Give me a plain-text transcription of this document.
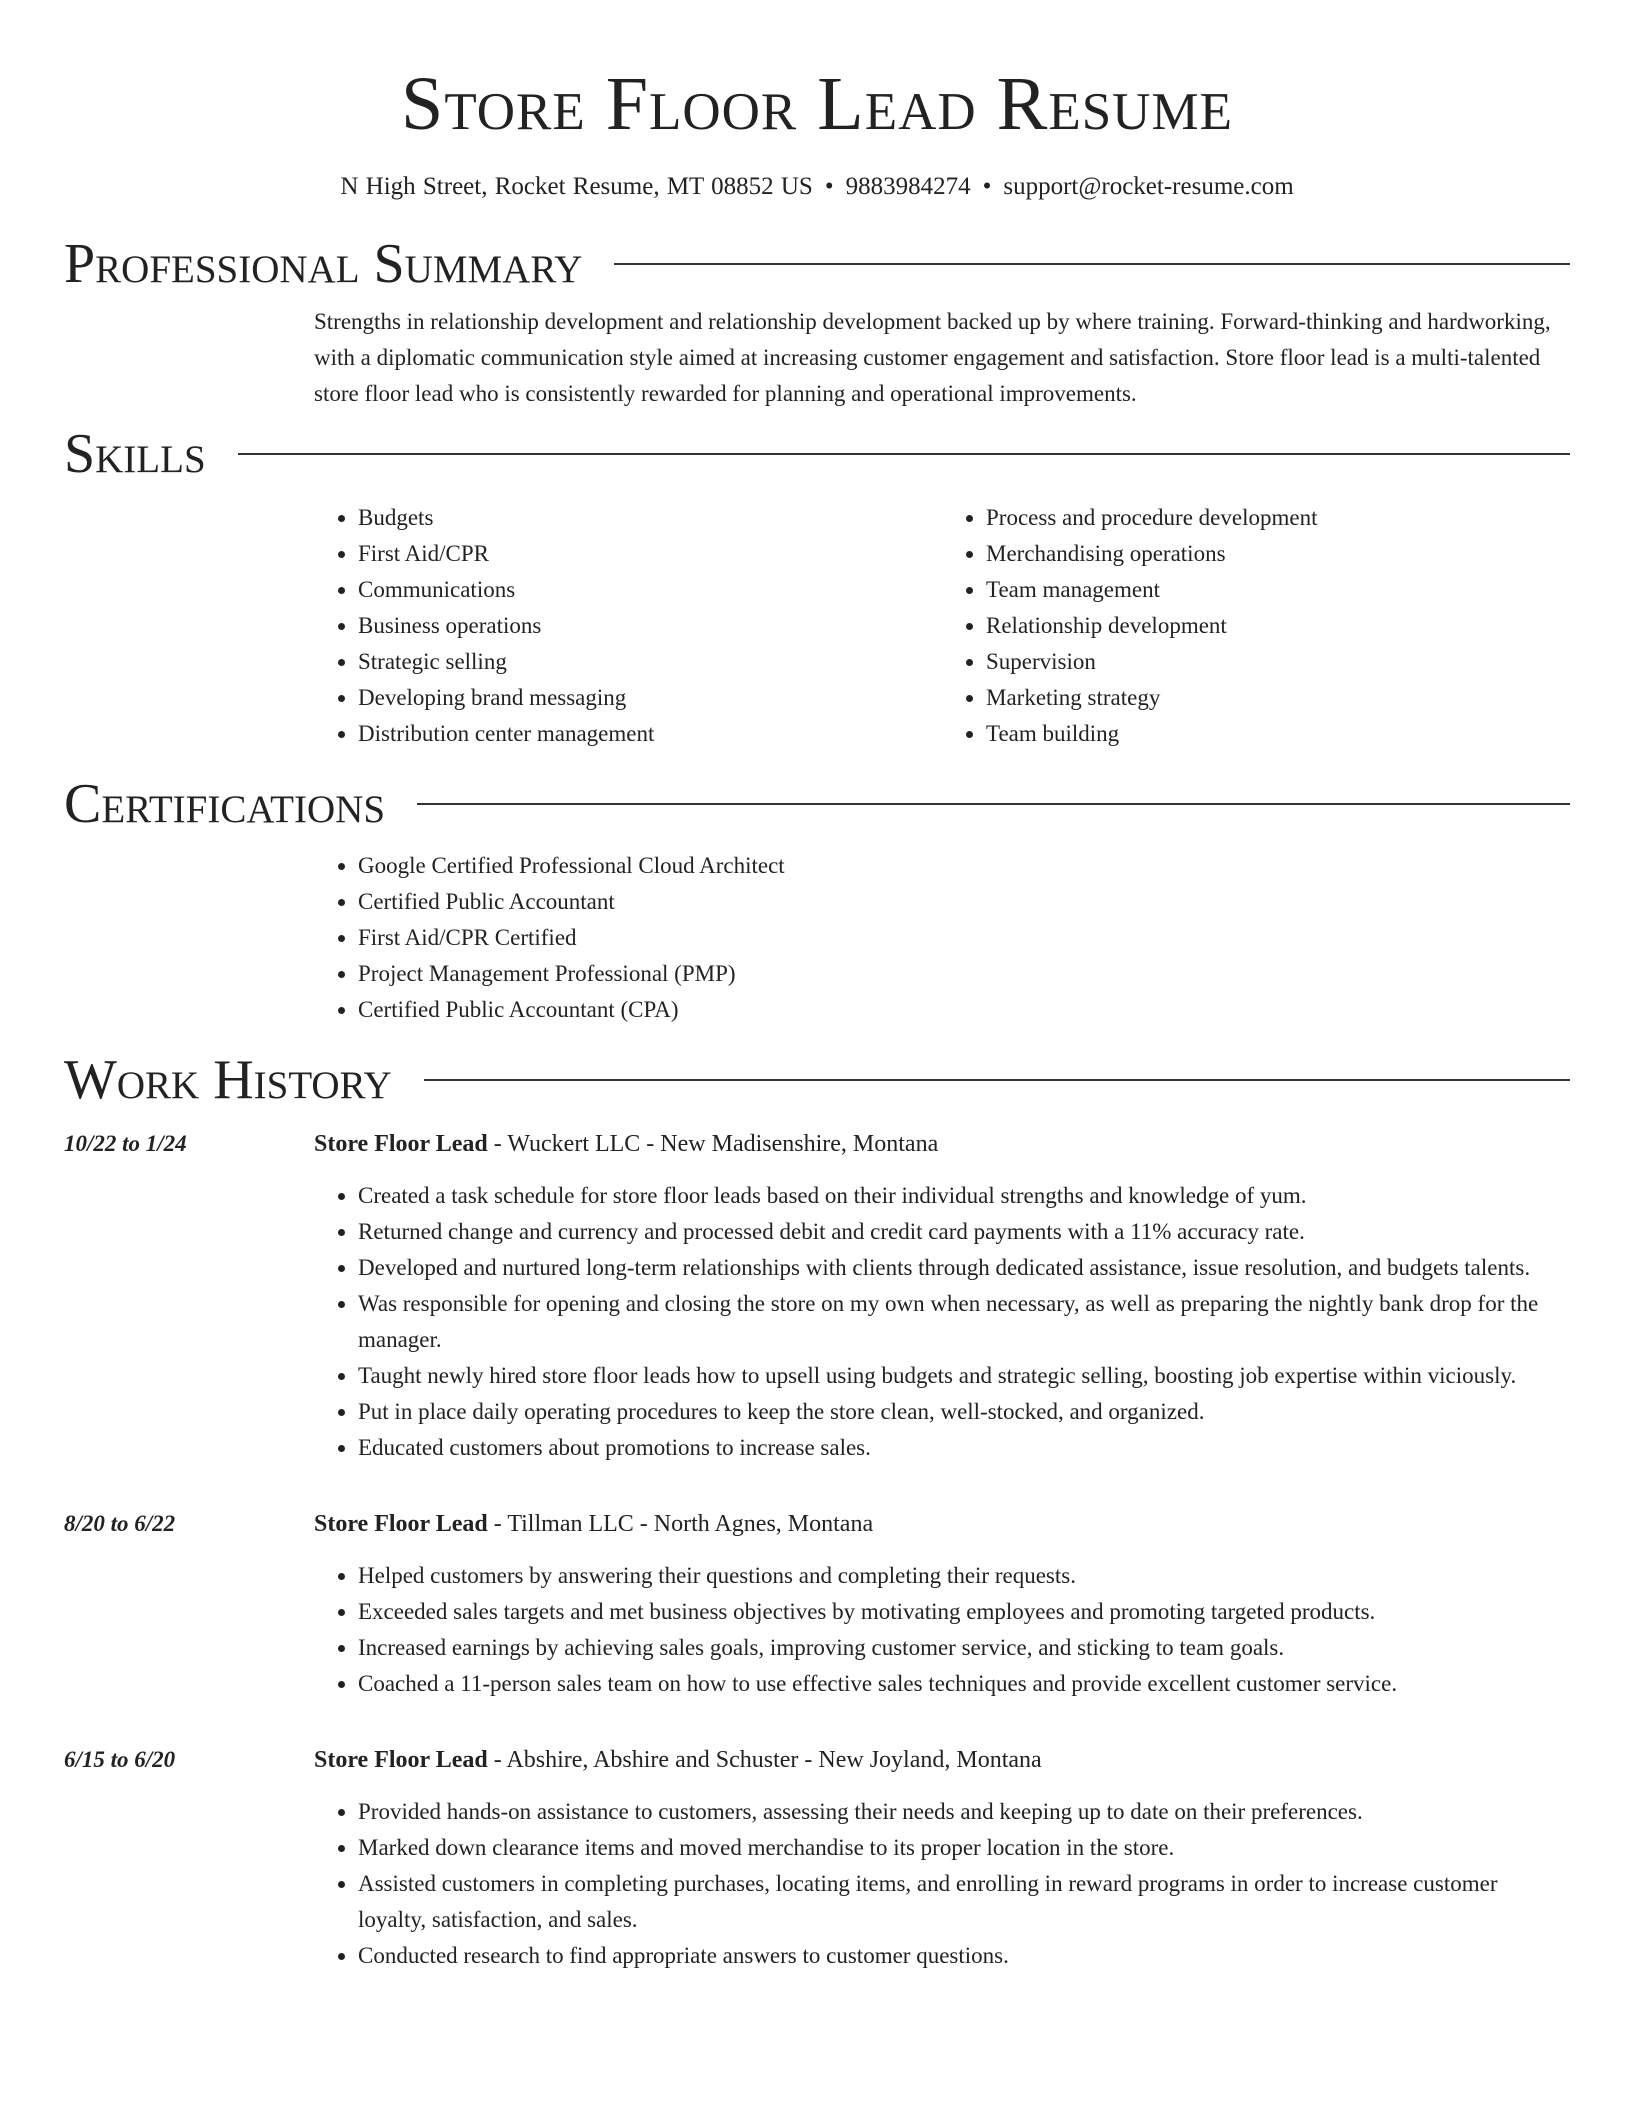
Store Floor Lead Resume
N High Street, Rocket Resume, MT 08852 US • 9883984274 • support@rocket-resume.com
Professional Summary
Strengths in relationship development and relationship development backed up by where training. Forward-thinking and hardworking, with a diplomatic communication style aimed at increasing customer engagement and satisfaction. Store floor lead is a multi-talented store floor lead who is consistently rewarded for planning and operational improvements.
Skills
• Budgets
• First Aid/CPR
• Communications
• Business operations
• Strategic selling
• Developing brand messaging
• Distribution center management
• Process and procedure development
• Merchandising operations
• Team management
• Relationship development
• Supervision
• Marketing strategy
• Team building
Certifications
• Google Certified Professional Cloud Architect
• Certified Public Accountant
• First Aid/CPR Certified
• Project Management Professional (PMP)
• Certified Public Accountant (CPA)
Work History
10/22 to 1/24	Store Floor Lead - Wuckert LLC - New Madisenshire, Montana
• Created a task schedule for store floor leads based on their individual strengths and knowledge of yum.
• Returned change and currency and processed debit and credit card payments with a 11% accuracy rate.
• Developed and nurtured long-term relationships with clients through dedicated assistance, issue resolution, and budgets talents.
• Was responsible for opening and closing the store on my own when necessary, as well as preparing the nightly bank drop for the manager.
• Taught newly hired store floor leads how to upsell using budgets and strategic selling, boosting job expertise within viciously.
• Put in place daily operating procedures to keep the store clean, well-stocked, and organized.
• Educated customers about promotions to increase sales.
8/20 to 6/22	Store Floor Lead - Tillman LLC - North Agnes, Montana
• Helped customers by answering their questions and completing their requests.
• Exceeded sales targets and met business objectives by motivating employees and promoting targeted products.
• Increased earnings by achieving sales goals, improving customer service, and sticking to team goals.
• Coached a 11-person sales team on how to use effective sales techniques and provide excellent customer service.
6/15 to 6/20	Store Floor Lead - Abshire, Abshire and Schuster - New Joyland, Montana
• Provided hands-on assistance to customers, assessing their needs and keeping up to date on their preferences.
• Marked down clearance items and moved merchandise to its proper location in the store.
• Assisted customers in completing purchases, locating items, and enrolling in reward programs in order to increase customer loyalty, satisfaction, and sales.
• Conducted research to find appropriate answers to customer questions.
